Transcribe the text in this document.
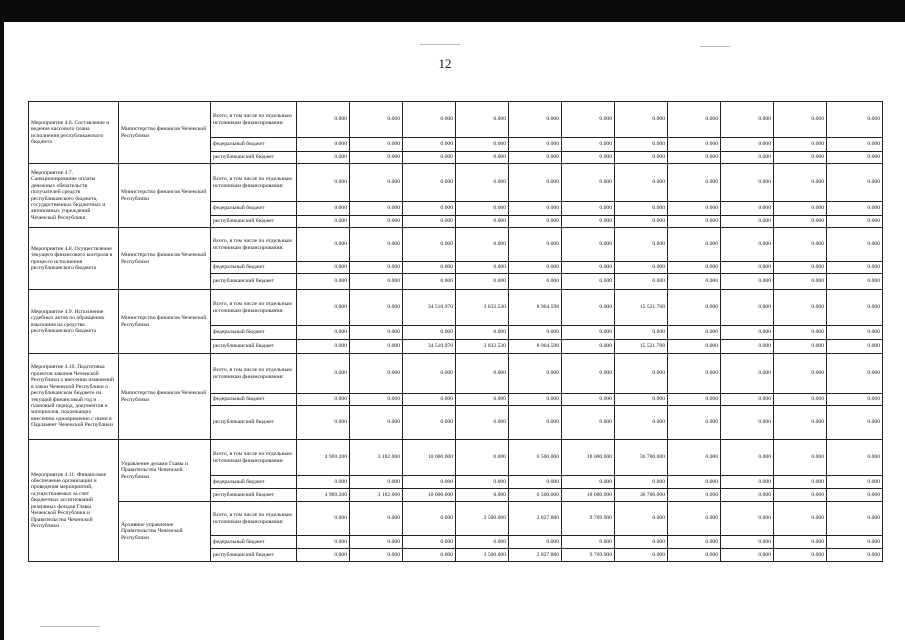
12
Мероприятие 4.6. Составление и ведение кассового плана исполнения республиканского бюджета	Министерство финансов Чеченской Республики	Всего, в том числе по отдельным источникам финансирования:	0.000	0.000	0.000	0.000	0.000	0.000	0.000	0.000	0.000	0.000	0.000
		федеральный бюджет	0.000	0.000	0.000	0.000	0.000	0.000	0.000	0.000	0.000	0.000	0.000
		республиканский бюджет	0.000	0.000	0.000	0.000	0.000	0.000	0.000	0.000	0.000	0.000	0.000
Мероприятие 4.7. Санкционирование оплаты денежных обязательств получателей средств республиканского бюджета, государственных бюджетных и автономных учреждений Чеченской Республики	Министерство финансов Чеченской Республики	Всего, в том числе по отдельным источникам финансирования:	0.000	0.000	0.000	0.000	0.000	0.000	0.000	0.000	0.000	0.000	0.000
		федеральный бюджет	0.000	0.000	0.000	0.000	0.000	0.000	0.000	0.000	0.000	0.000	0.000
		республиканский бюджет	0.000	0.000	0.000	0.000	0.000	0.000	0.000	0.000	0.000	0.000	0.000
Мероприятие 4.8. Осуществление текущего финансового контроля в процессе исполнения республиканского бюджета	Министерство финансов Чеченской Республики	Всего, в том числе по отдельным источникам финансирования:	0.000	0.000	0.000	0.000	0.000	0.000	0.000	0.000	0.000	0.000	0.000
		федеральный бюджет	0.000	0.000	0.000	0.000	0.000	0.000	0.000	0.000	0.000	0.000	0.000
		республиканский бюджет	0.000	0.000	0.000	0.000	0.000	0.000	0.000	0.000	0.000	0.000	0.000
Мероприятие 4.9. Исполнение судебных актов по обращению взыскания на средства республиканского бюджета	Министерство финансов Чеченской Республики	Всего, в том числе по отдельным источникам финансирования:	0.000	0.000	34 510.970	3 832.530	8 964.598	0.000	15 521.708	0.000	0.000	0.000	0.000
		федеральный бюджет	0.000	0.000	0.000	0.000	0.000	0.000	0.000	0.000	0.000	0.000	0.000
		республиканский бюджет	0.000	0.000	34 510.970	3 832.530	8 964.598	0.000	15 521.708	0.000	0.000	0.000	0.000
Мероприятие 4.10. Подготовка проектов законов Чеченской Республики о внесении изменений в закон Чеченской Республики о республиканском бюджете на текущий финансовый год и плановый период, документов и материалов, подлежащих внесению одновременно с ними в Парламент Чеченской Республики	Министерство финансов Чеченской Республики	Всего, в том числе по отдельным источникам финансирования:	0.000	0.000	0.000	0.000	0.000	0.000	0.000	0.000	0.000	0.000	0.000
		федеральный бюджет	0.000	0.000	0.000	0.000	0.000	0.000	0.000	0.000	0.000	0.000	0.000
		республиканский бюджет	0.000	0.000	0.000	0.000	0.000	0.000	0.000	0.000	0.000	0.000	0.000
Мероприятие 4.11. Финансовое обеспечение организации и проведения мероприятий, осуществляемых за счет бюджетных ассигнований резервных фондов Главы Чеченской Республики и Правительства Чеченской Республики	Управление делами Главы и Правительства Чеченской Республики	Всего, в том числе по отдельным источникам финансирования:	4 969.200	3 182.000	10 000.000	0.000	6 500.000	18 000.000	36 700.000	0.000	0.000	0.000	0.000
		федеральный бюджет	0.000	0.000	0.000	0.000	0.000	0.000	0.000	0.000	0.000	0.000	0.000
		республиканский бюджет	4 969.200	3 182.000	10 000.000	0.000	6 500.000	18 000.000	36 700.000	0.000	0.000	0.000	0.000
	Архивное управление Правительства Чеченской Республики	Всего, в том числе по отдельным источникам финансирования:	0.000	0.000	0.000	3 500.000	2 827.880	9 769.900	0.000	0.000	0.000	0.000	0.000
		федеральный бюджет	0.000	0.000	0.000	0.000	0.000	0.000	0.000	0.000	0.000	0.000	0.000
		республиканский бюджет	0.000	0.000	0.000	3 500.000	2 827.880	9 769.900	0.000	0.000	0.000	0.000	0.000
